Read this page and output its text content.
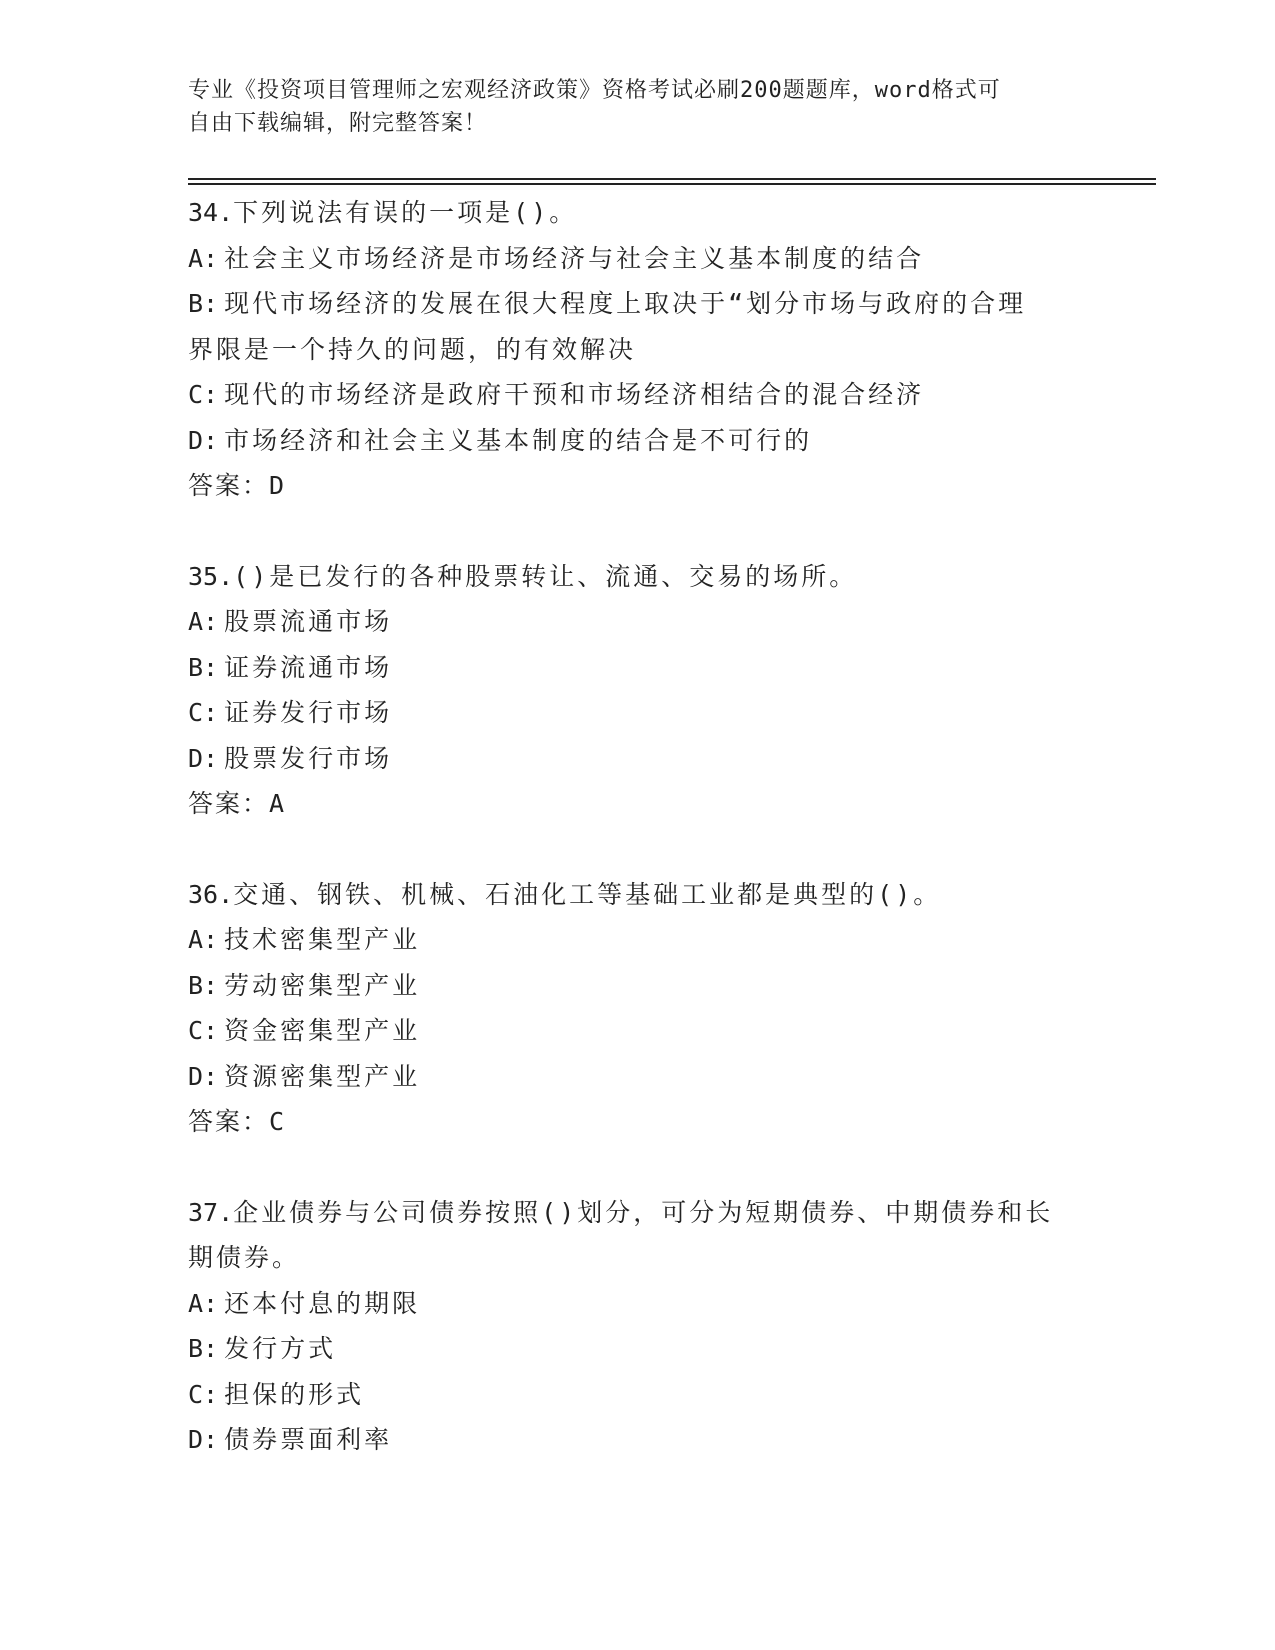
专业《投资项目管理师之宏观经济政策》资格考试必刷200题题库，word格式可
自由下载编辑，附完整答案！

34.下列说法有误的一项是()。

A: 社会主义市场经济是市场经济与社会主义基本制度的结合

B: 现代市场经济的发展在很大程度上取决于“划分市场与政府的合理

界限是一个持久的问题，的有效解决

C: 现代的市场经济是政府干预和市场经济相结合的混合经济

D: 市场经济和社会主义基本制度的结合是不可行的

答案：D

35.()是已发行的各种股票转让、流通、交易的场所。

A: 股票流通市场

B: 证券流通市场

C: 证券发行市场

D: 股票发行市场

答案：A

36.交通、钢铁、机械、石油化工等基础工业都是典型的()。

A: 技术密集型产业

B: 劳动密集型产业

C: 资金密集型产业

D: 资源密集型产业

答案：C

37.企业债券与公司债券按照()划分，可分为短期债券、中期债券和长

期债券。

A: 还本付息的期限

B: 发行方式

C: 担保的形式

D: 债券票面利率
